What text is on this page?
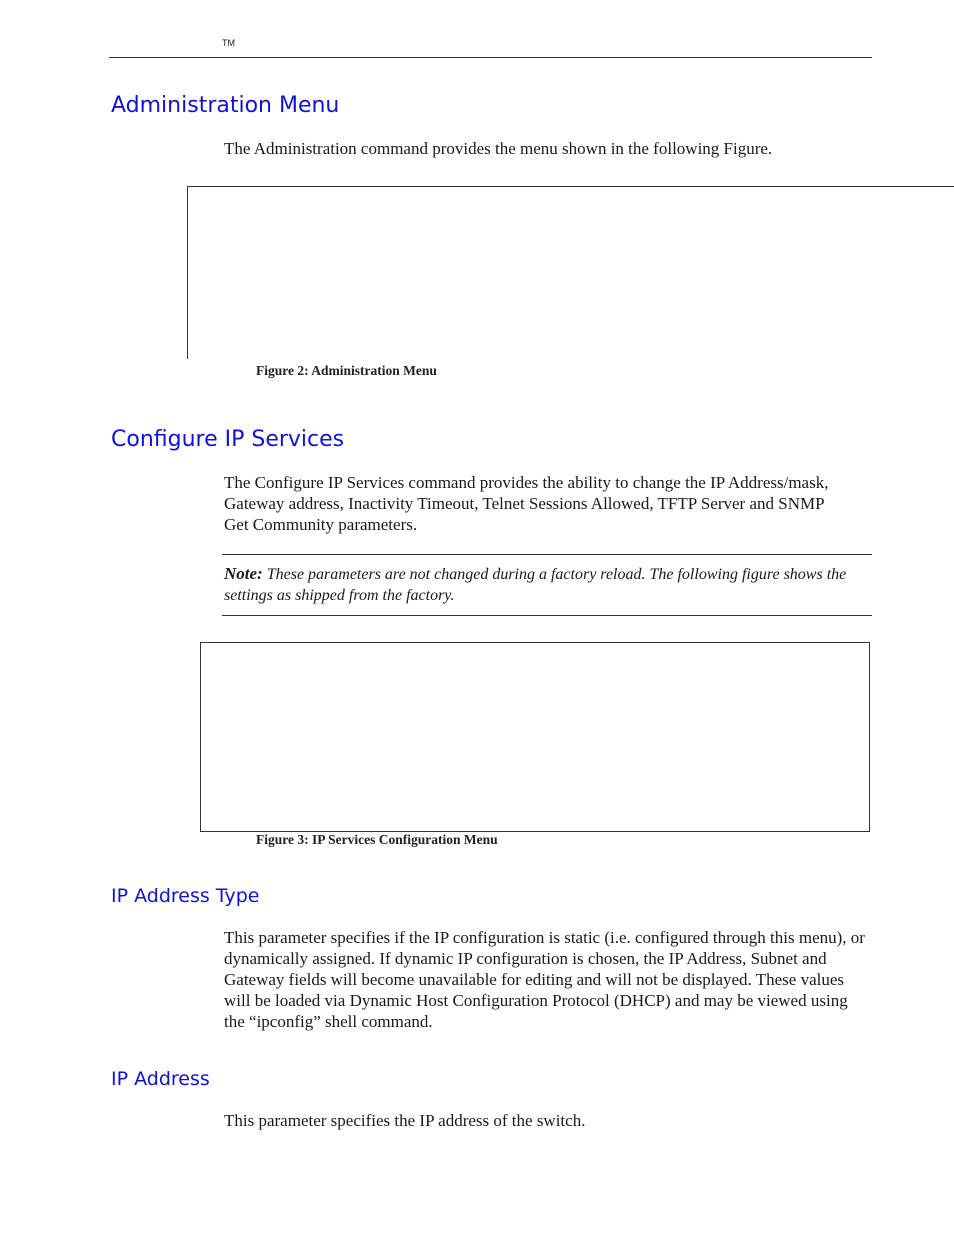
TM
Administration Menu

The Administration command provides the menu shown in the following Figure.

Figure 2: Administration Menu
Configure IP Services

The Configure IP Services command provides the ability to change the IP Address/mask, Gateway address, Inactivity Timeout, Telnet Sessions Allowed, TFTP Server and SNMP Get Community parameters.

Note: These parameters are not changed during a factory reload. The following figure shows the settings as shipped from the factory.
Figure 3: IP Services Configuration Menu
IP Address Type

This parameter specifies if the IP configuration is static (i.e. configured through this menu), or dynamically assigned. If dynamic IP configuration is chosen, the IP Address, Subnet and Gateway fields will become unavailable for editing and will not be displayed. These values will be loaded via Dynamic Host Configuration Protocol (DHCP) and may be viewed using the “ipconfig” shell command.

IP Address

This parameter specifies the IP address of the switch.
